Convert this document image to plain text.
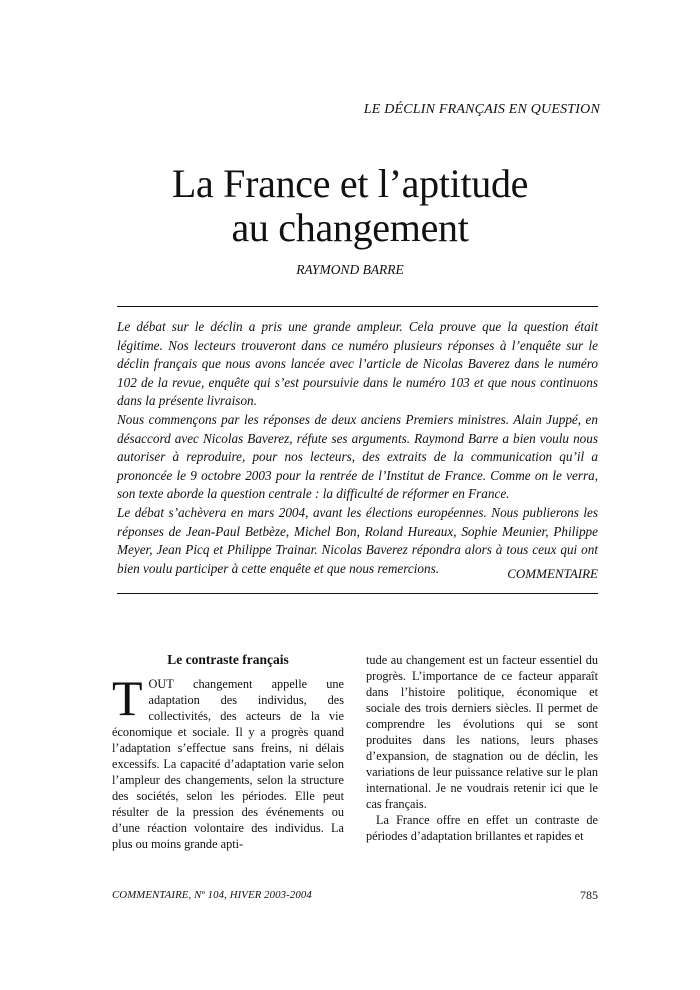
LE DÉCLIN FRANÇAIS EN QUESTION
La France et l’aptitude
au changement
RAYMOND BARRE

Le débat sur le déclin a pris une grande ampleur. Cela prouve que la question était légitime. Nos lecteurs trouveront dans ce numéro plusieurs réponses à l’enquête sur le déclin français que nous avons lancée avec l’article de Nicolas Baverez dans le numéro 102 de la revue, enquête qui s’est poursuivie dans le numéro 103 et que nous continuons dans la présente livraison.

Nous commençons par les réponses de deux anciens Premiers ministres. Alain Juppé, en désaccord avec Nicolas Baverez, réfute ses arguments. Raymond Barre a bien voulu nous autoriser à reproduire, pour nos lecteurs, des extraits de la communication qu’il a prononcée le 9 octobre 2003 pour la rentrée de l’Institut de France. Comme on le verra, son texte aborde la question centrale : la difficulté de réformer en France.

Le débat s’achèvera en mars 2004, avant les élections européennes. Nous publierons les réponses de Jean-Paul Betbèze, Michel Bon, Roland Hureaux, Sophie Meunier, Philippe Meyer, Jean Picq et Philippe Trainar. Nicolas Baverez répondra alors à tous ceux qui ont bien voulu participer à cette enquête et que nous remercions.	COMMENTAIRE
Le contraste français

TOUT changement appelle une adaptation des individus, des collectivités, des acteurs de la vie économique et sociale. Il y a progrès quand l’adaptation s’effectue sans freins, ni délais excessifs. La capacité d’adaptation varie selon l’ampleur des changements, selon la structure des sociétés, selon les périodes. Elle peut résulter de la pression des événements ou d’une réaction volontaire des individus. La plus ou moins grande apti-

tude au changement est un facteur essentiel du progrès. L’importance de ce facteur apparaît dans l’histoire politique, économique et sociale des trois derniers siècles. Il permet de comprendre les évolutions qui se sont produites dans les nations, leurs phases d’expansion, de stagnation ou de déclin, les variations de leur puissance relative sur le plan international. Je ne voudrais retenir ici que le cas français.

La France offre en effet un contraste de périodes d’adaptation brillantes et rapides et

COMMENTAIRE, Nº 104, HIVER 2003-2004	785
